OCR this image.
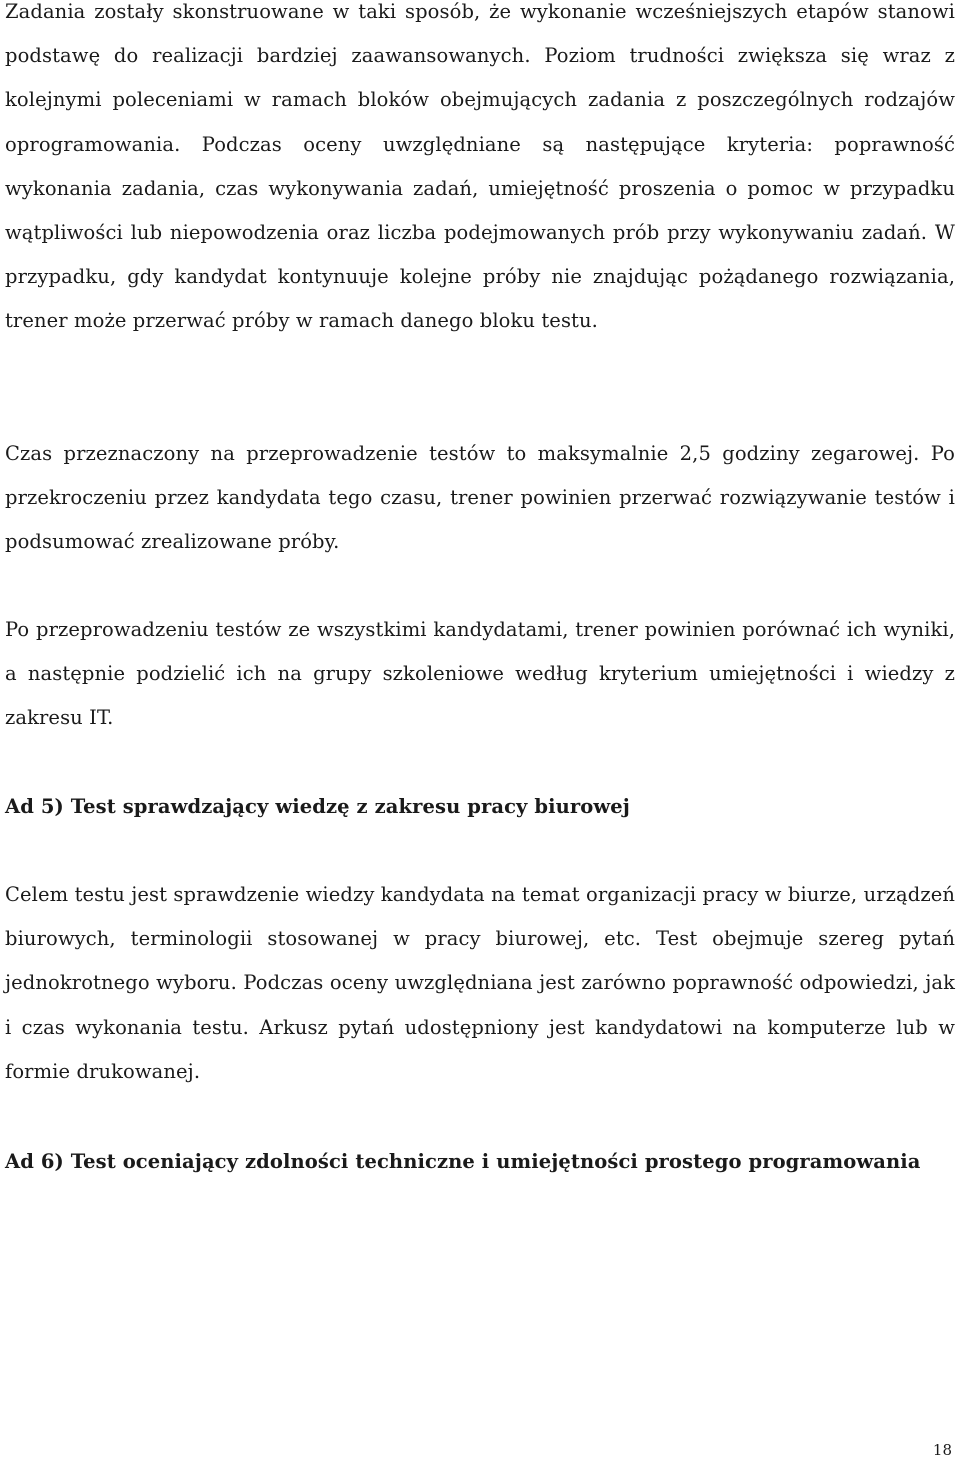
Zadania zostały skonstruowane w taki sposób, że wykonanie wcześniejszych etapów stanowi podstawę do realizacji bardziej zaawansowanych. Poziom trudności zwiększa się wraz z kolejnymi poleceniami w ramach bloków obejmujących zadania z poszczególnych rodzajów oprogramowania. Podczas oceny uwzględniane są następujące kryteria: poprawność wykonania zadania, czas wykonywania zadań, umiejętność proszenia o pomoc w przypadku wątpliwości lub niepowodzenia oraz liczba podejmowanych prób przy wykonywaniu zadań. W przypadku, gdy kandydat kontynuuje kolejne próby nie znajdując pożądanego rozwiązania, trener może przerwać próby w ramach danego bloku testu.

Czas przeznaczony na przeprowadzenie testów to maksymalnie 2,5 godziny zegarowej. Po przekroczeniu przez kandydata tego czasu, trener powinien przerwać rozwiązywanie testów i podsumować zrealizowane próby.

Po przeprowadzeniu testów ze wszystkimi kandydatami, trener powinien porównać ich wyniki, a następnie podzielić ich na grupy szkoleniowe według kryterium umiejętności i wiedzy z zakresu IT.

Ad 5) Test sprawdzający wiedzę z zakresu pracy biurowej

Celem testu jest sprawdzenie wiedzy kandydata na temat organizacji pracy w biurze, urządzeń biurowych, terminologii stosowanej w pracy biurowej, etc. Test obejmuje szereg pytań jednokrotnego wyboru. Podczas oceny uwzględniana jest zarówno poprawność odpowiedzi, jak i czas wykonania testu. Arkusz pytań udostępniony jest kandydatowi na komputerze lub w formie drukowanej.

Ad 6) Test oceniający zdolności techniczne i umiejętności prostego programowania

18
